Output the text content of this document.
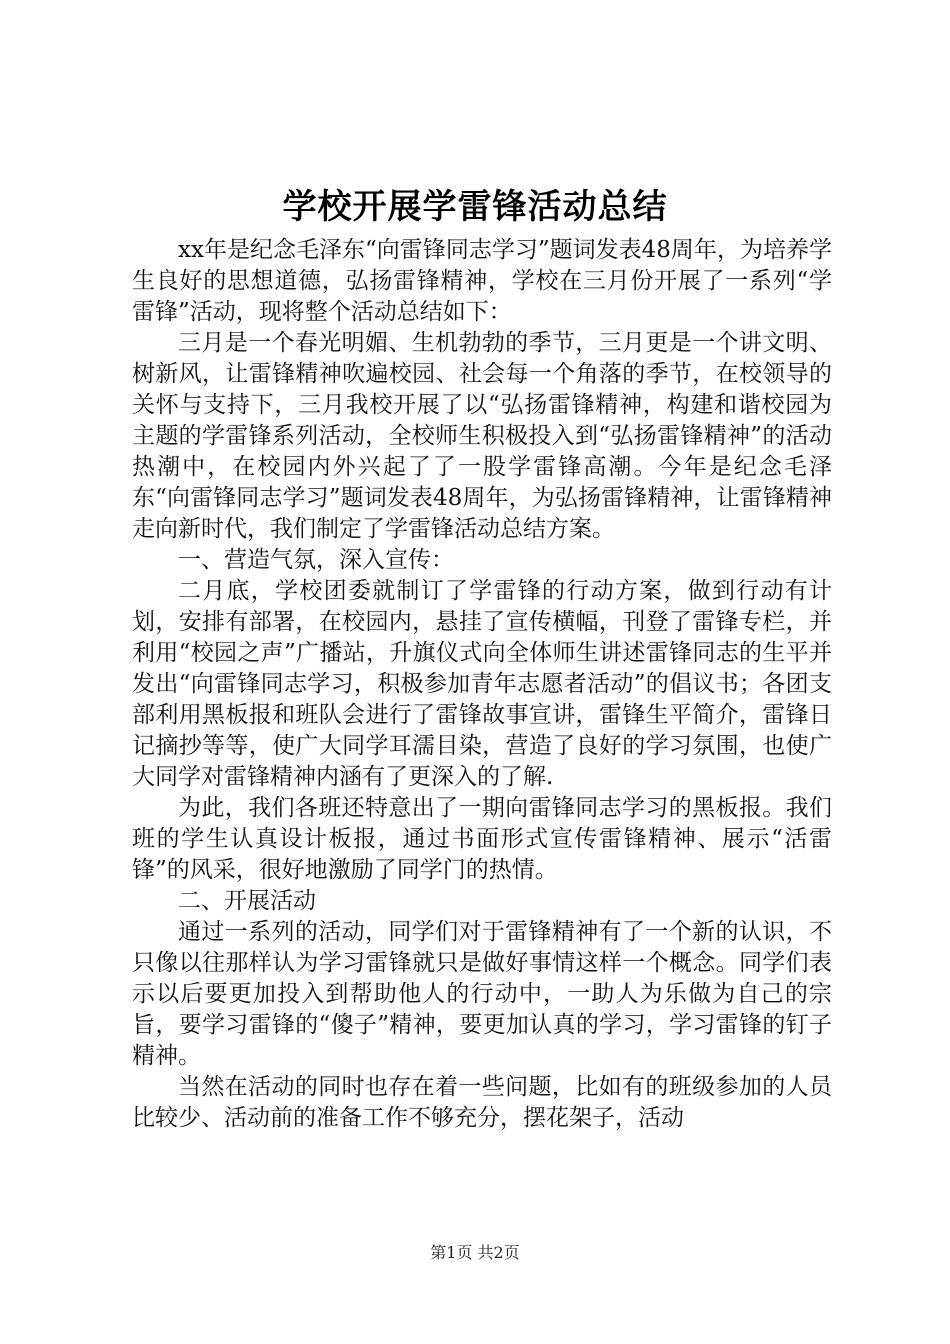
学校开展学雷锋活动总结

xx年是纪念毛泽东“向雷锋同志学习”题词发表48周年，为培养学生良好的思想道德，弘扬雷锋精神，学校在三月份开展了一系列“学雷锋”活动，现将整个活动总结如下：

三月是一个春光明媚、生机勃勃的季节，三月更是一个讲文明、树新风，让雷锋精神吹遍校园、社会每一个角落的季节，在校领导的关怀与支持下，三月我校开展了以“弘扬雷锋精神，构建和谐校园为主题的学雷锋系列活动，全校师生积极投入到“弘扬雷锋精神”的活动热潮中，在校园内外兴起了了一股学雷锋高潮。今年是纪念毛泽东“向雷锋同志学习”题词发表48周年，为弘扬雷锋精神，让雷锋精神走向新时代，我们制定了学雷锋活动总结方案。

一、营造气氛，深入宣传：

二月底，学校团委就制订了学雷锋的行动方案，做到行动有计划，安排有部署，在校园内，悬挂了宣传横幅，刊登了雷锋专栏，并利用“校园之声”广播站，升旗仪式向全体师生讲述雷锋同志的生平并发出“向雷锋同志学习，积极参加青年志愿者活动”的倡议书；各团支部利用黑板报和班队会进行了雷锋故事宣讲，雷锋生平简介，雷锋日记摘抄等等，使广大同学耳濡目染，营造了良好的学习氛围，也使广大同学对雷锋精神内涵有了更深入的了解.

为此，我们各班还特意出了一期向雷锋同志学习的黑板报。我们班的学生认真设计板报，通过书面形式宣传雷锋精神、展示“活雷锋”的风采，很好地激励了同学门的热情。

二、开展活动

通过一系列的活动，同学们对于雷锋精神有了一个新的认识，不只像以往那样认为学习雷锋就只是做好事情这样一个概念。同学们表示以后要更加投入到帮助他人的行动中，一助人为乐做为自己的宗旨，要学习雷锋的“傻子”精神，要更加认真的学习，学习雷锋的钉子精神。

当然在活动的同时也存在着一些问题，比如有的班级参加的人员比较少、活动前的准备工作不够充分，摆花架子，活动

第1页 共2页
